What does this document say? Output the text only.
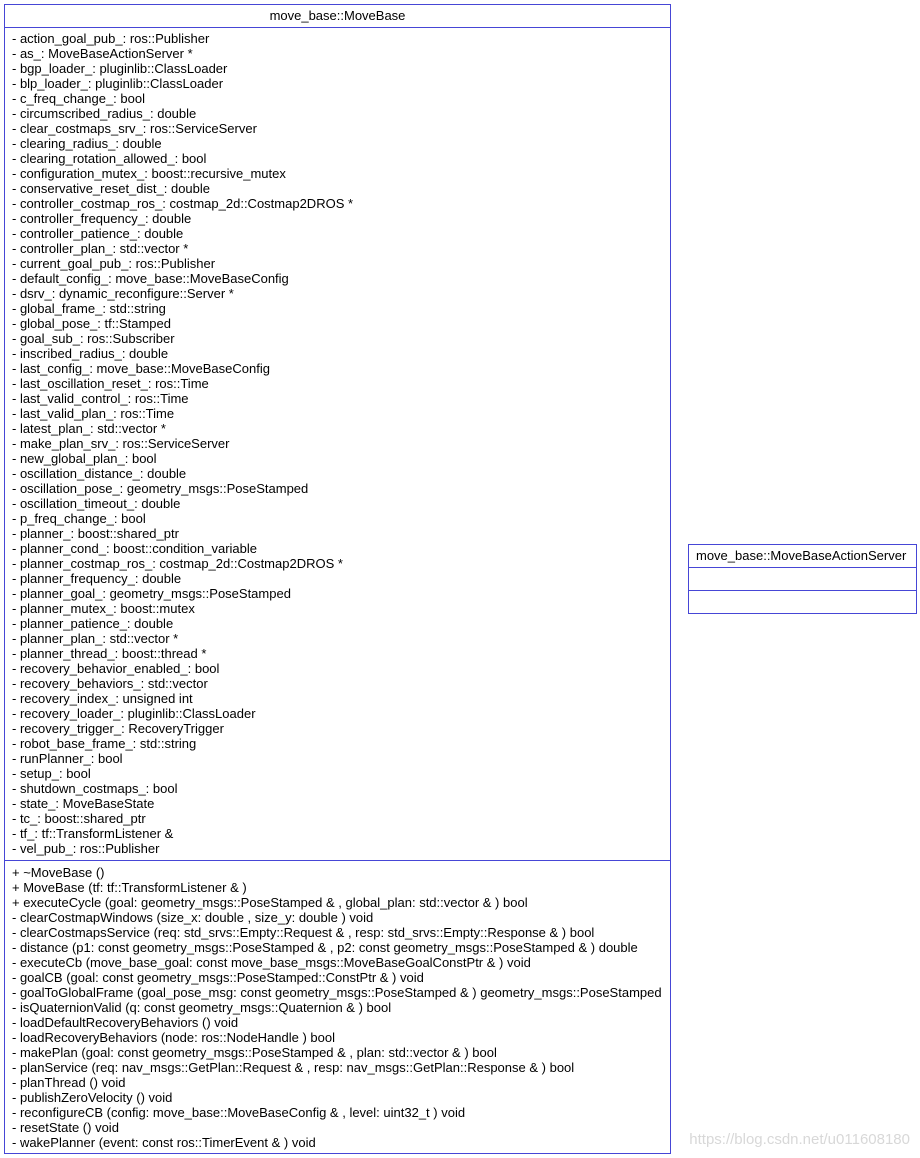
move_base::MoveBase
- action_goal_pub_: ros::Publisher
- as_: MoveBaseActionServer *
- bgp_loader_: pluginlib::ClassLoader
- blp_loader_: pluginlib::ClassLoader
- c_freq_change_: bool
- circumscribed_radius_: double
- clear_costmaps_srv_: ros::ServiceServer
- clearing_radius_: double
- clearing_rotation_allowed_: bool
- configuration_mutex_: boost::recursive_mutex
- conservative_reset_dist_: double
- controller_costmap_ros_: costmap_2d::Costmap2DROS *
- controller_frequency_: double
- controller_patience_: double
- controller_plan_: std::vector *
- current_goal_pub_: ros::Publisher
- default_config_: move_base::MoveBaseConfig
- dsrv_: dynamic_reconfigure::Server *
- global_frame_: std::string
- global_pose_: tf::Stamped
- goal_sub_: ros::Subscriber
- inscribed_radius_: double
- last_config_: move_base::MoveBaseConfig
- last_oscillation_reset_: ros::Time
- last_valid_control_: ros::Time
- last_valid_plan_: ros::Time
- latest_plan_: std::vector *
- make_plan_srv_: ros::ServiceServer
- new_global_plan_: bool
- oscillation_distance_: double
- oscillation_pose_: geometry_msgs::PoseStamped
- oscillation_timeout_: double
- p_freq_change_: bool
- planner_: boost::shared_ptr
- planner_cond_: boost::condition_variable
- planner_costmap_ros_: costmap_2d::Costmap2DROS *
- planner_frequency_: double
- planner_goal_: geometry_msgs::PoseStamped
- planner_mutex_: boost::mutex
- planner_patience_: double
- planner_plan_: std::vector *
- planner_thread_: boost::thread *
- recovery_behavior_enabled_: bool
- recovery_behaviors_: std::vector
- recovery_index_: unsigned int
- recovery_loader_: pluginlib::ClassLoader
- recovery_trigger_: RecoveryTrigger
- robot_base_frame_: std::string
- runPlanner_: bool
- setup_: bool
- shutdown_costmaps_: bool
- state_: MoveBaseState
- tc_: boost::shared_ptr
- tf_: tf::TransformListener &
- vel_pub_: ros::Publisher
+ ~MoveBase ()
+ MoveBase (tf: tf::TransformListener & )
+ executeCycle (goal: geometry_msgs::PoseStamped & , global_plan: std::vector & ) bool
- clearCostmapWindows (size_x: double , size_y: double ) void
- clearCostmapsService (req: std_srvs::Empty::Request & , resp: std_srvs::Empty::Response & ) bool
- distance (p1: const geometry_msgs::PoseStamped & , p2: const geometry_msgs::PoseStamped & ) double
- executeCb (move_base_goal: const move_base_msgs::MoveBaseGoalConstPtr & ) void
- goalCB (goal: const geometry_msgs::PoseStamped::ConstPtr & ) void
- goalToGlobalFrame (goal_pose_msg: const geometry_msgs::PoseStamped & ) geometry_msgs::PoseStamped
- isQuaternionValid (q: const geometry_msgs::Quaternion & ) bool
- loadDefaultRecoveryBehaviors () void
- loadRecoveryBehaviors (node: ros::NodeHandle ) bool
- makePlan (goal: const geometry_msgs::PoseStamped & , plan: std::vector & ) bool
- planService (req: nav_msgs::GetPlan::Request & , resp: nav_msgs::GetPlan::Response & ) bool
- planThread () void
- publishZeroVelocity () void
- reconfigureCB (config: move_base::MoveBaseConfig & , level: uint32_t ) void
- resetState () void
- wakePlanner (event: const ros::TimerEvent & ) void
move_base::MoveBaseActionServer
https://blog.csdn.net/u011608180
